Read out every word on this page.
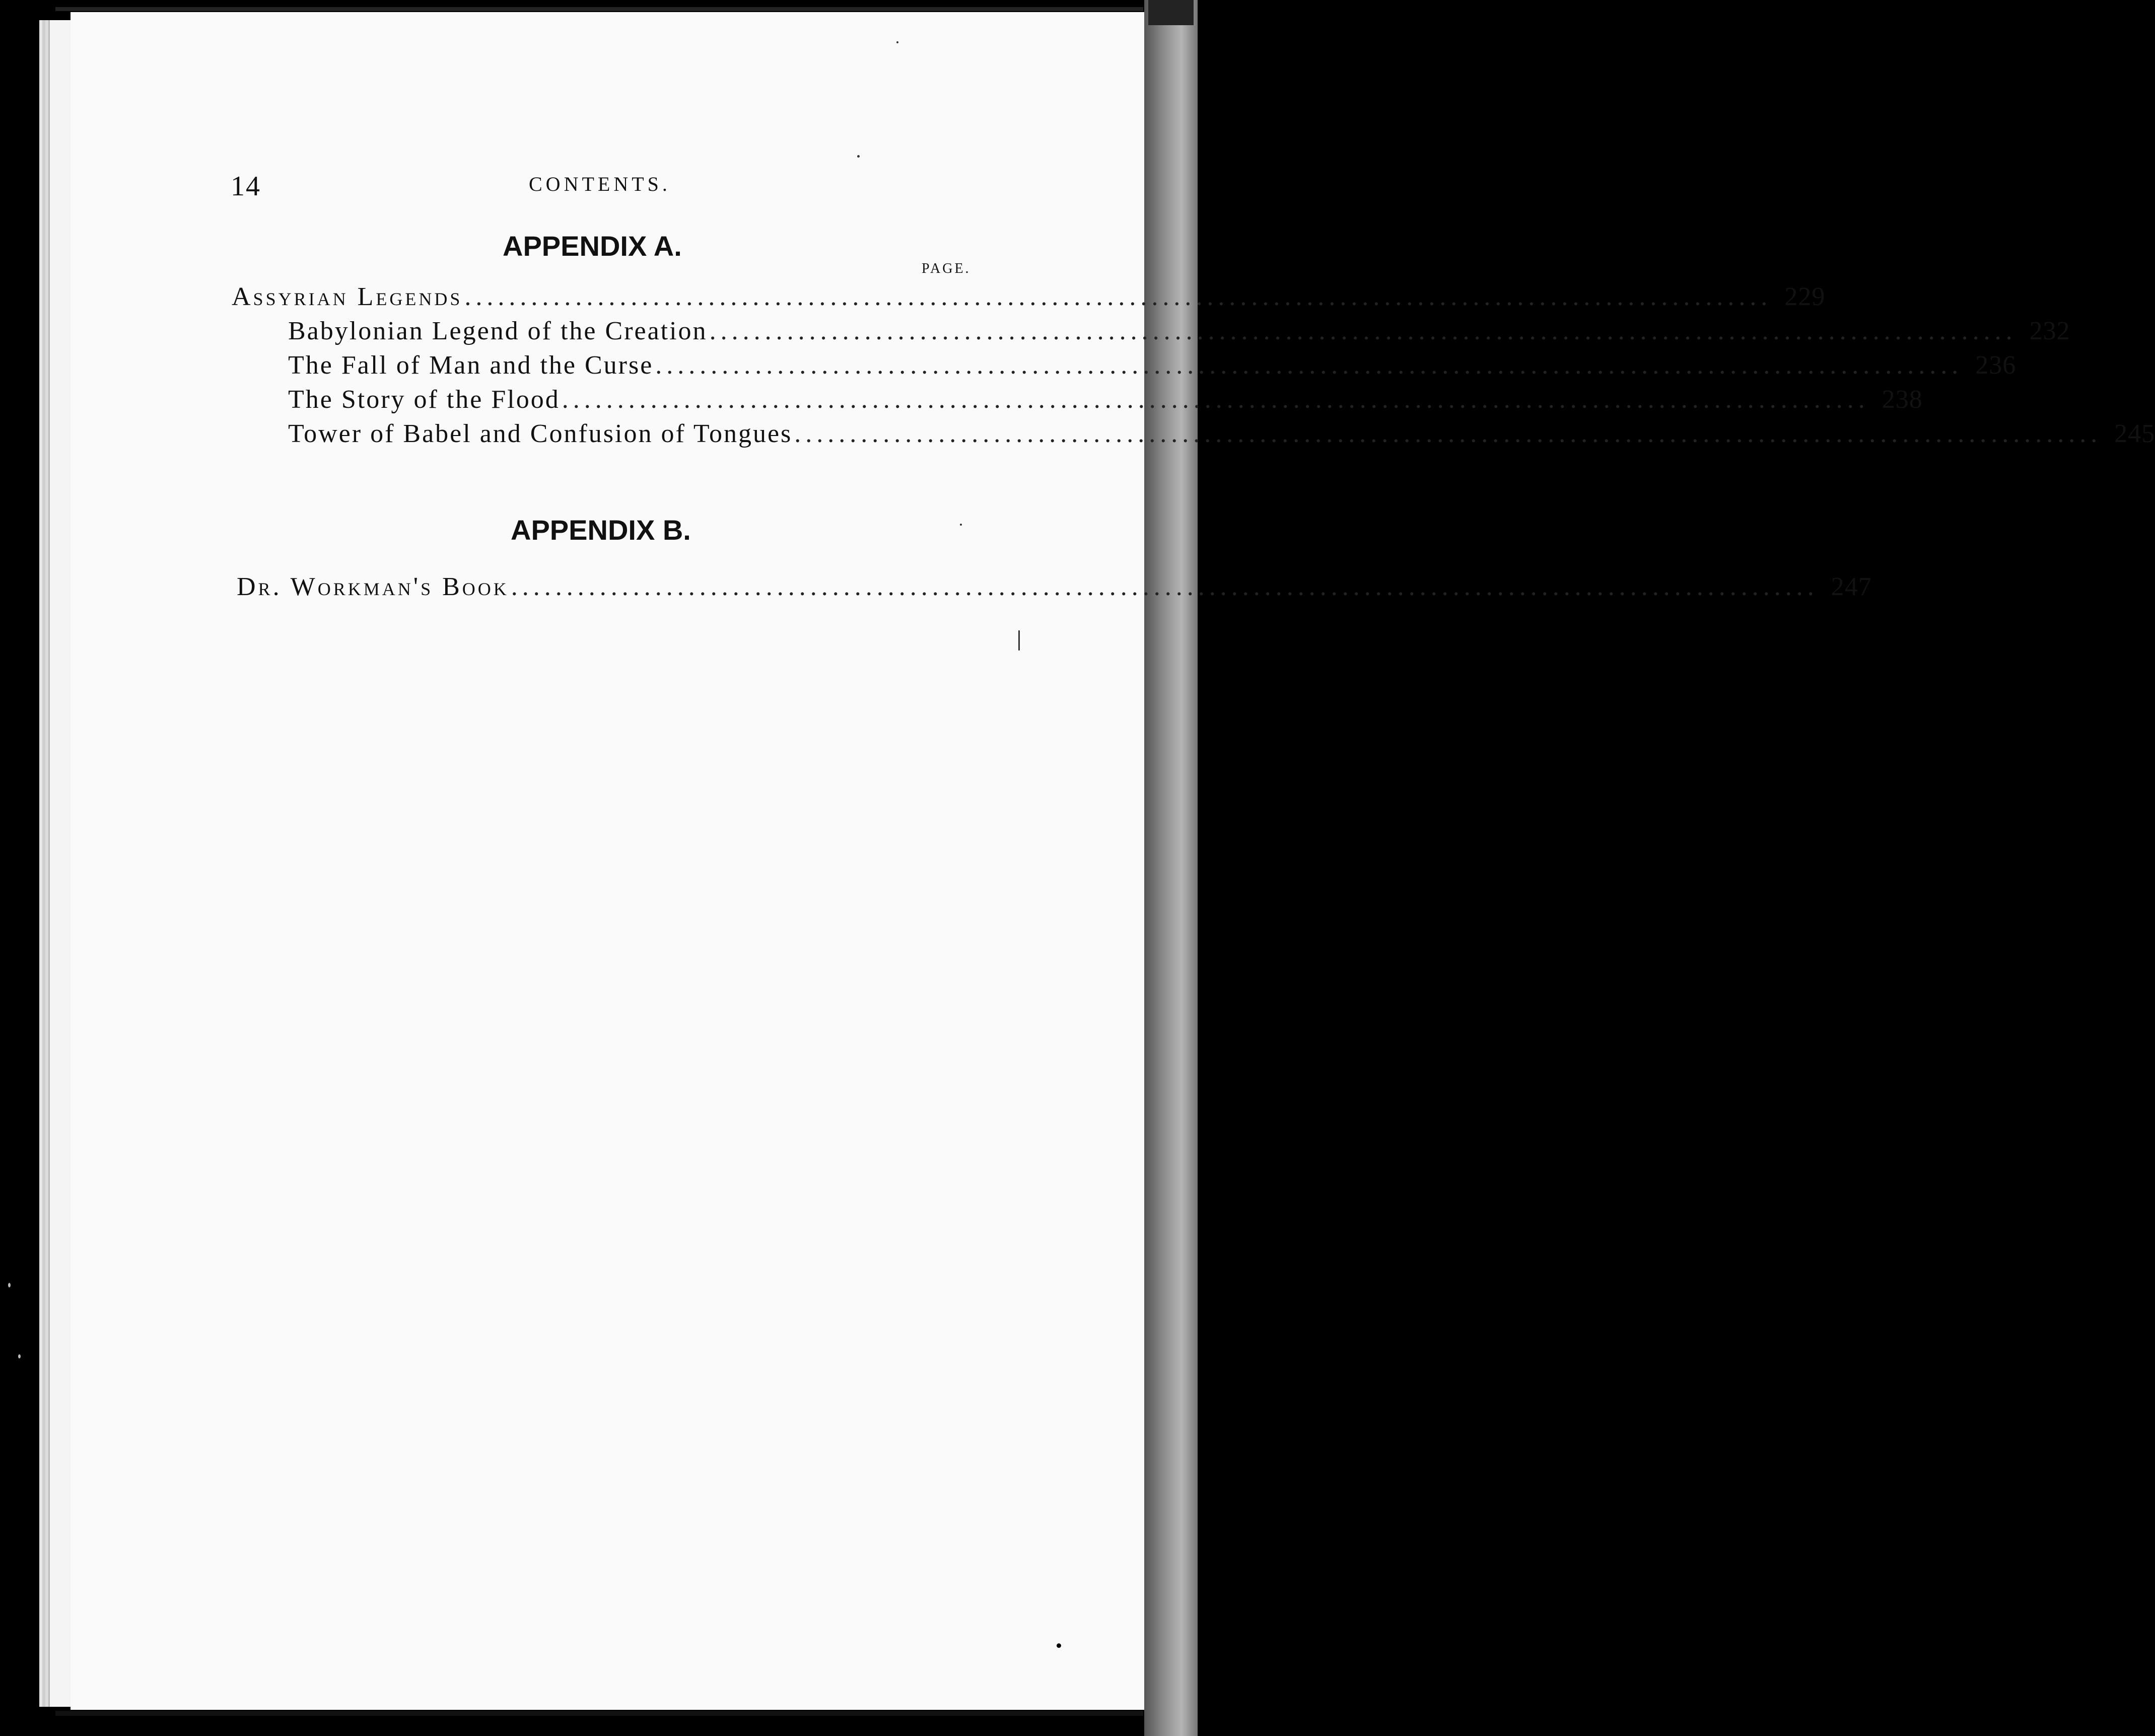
14	CONTENTS.
APPENDIX A.
PAGE.
Assyrian Legends ...................................................................................................................... 229
Babylonian Legend of the Creation ...................................................................................................................... 232
The Fall of Man and the Curse ...................................................................................................................... 236
The Story of the Flood ...................................................................................................................... 238
Tower of Babel and Confusion of Tongues ...................................................................................................................... 245
APPENDIX B.
Dr. Workman's Book ...................................................................................................................... 247
